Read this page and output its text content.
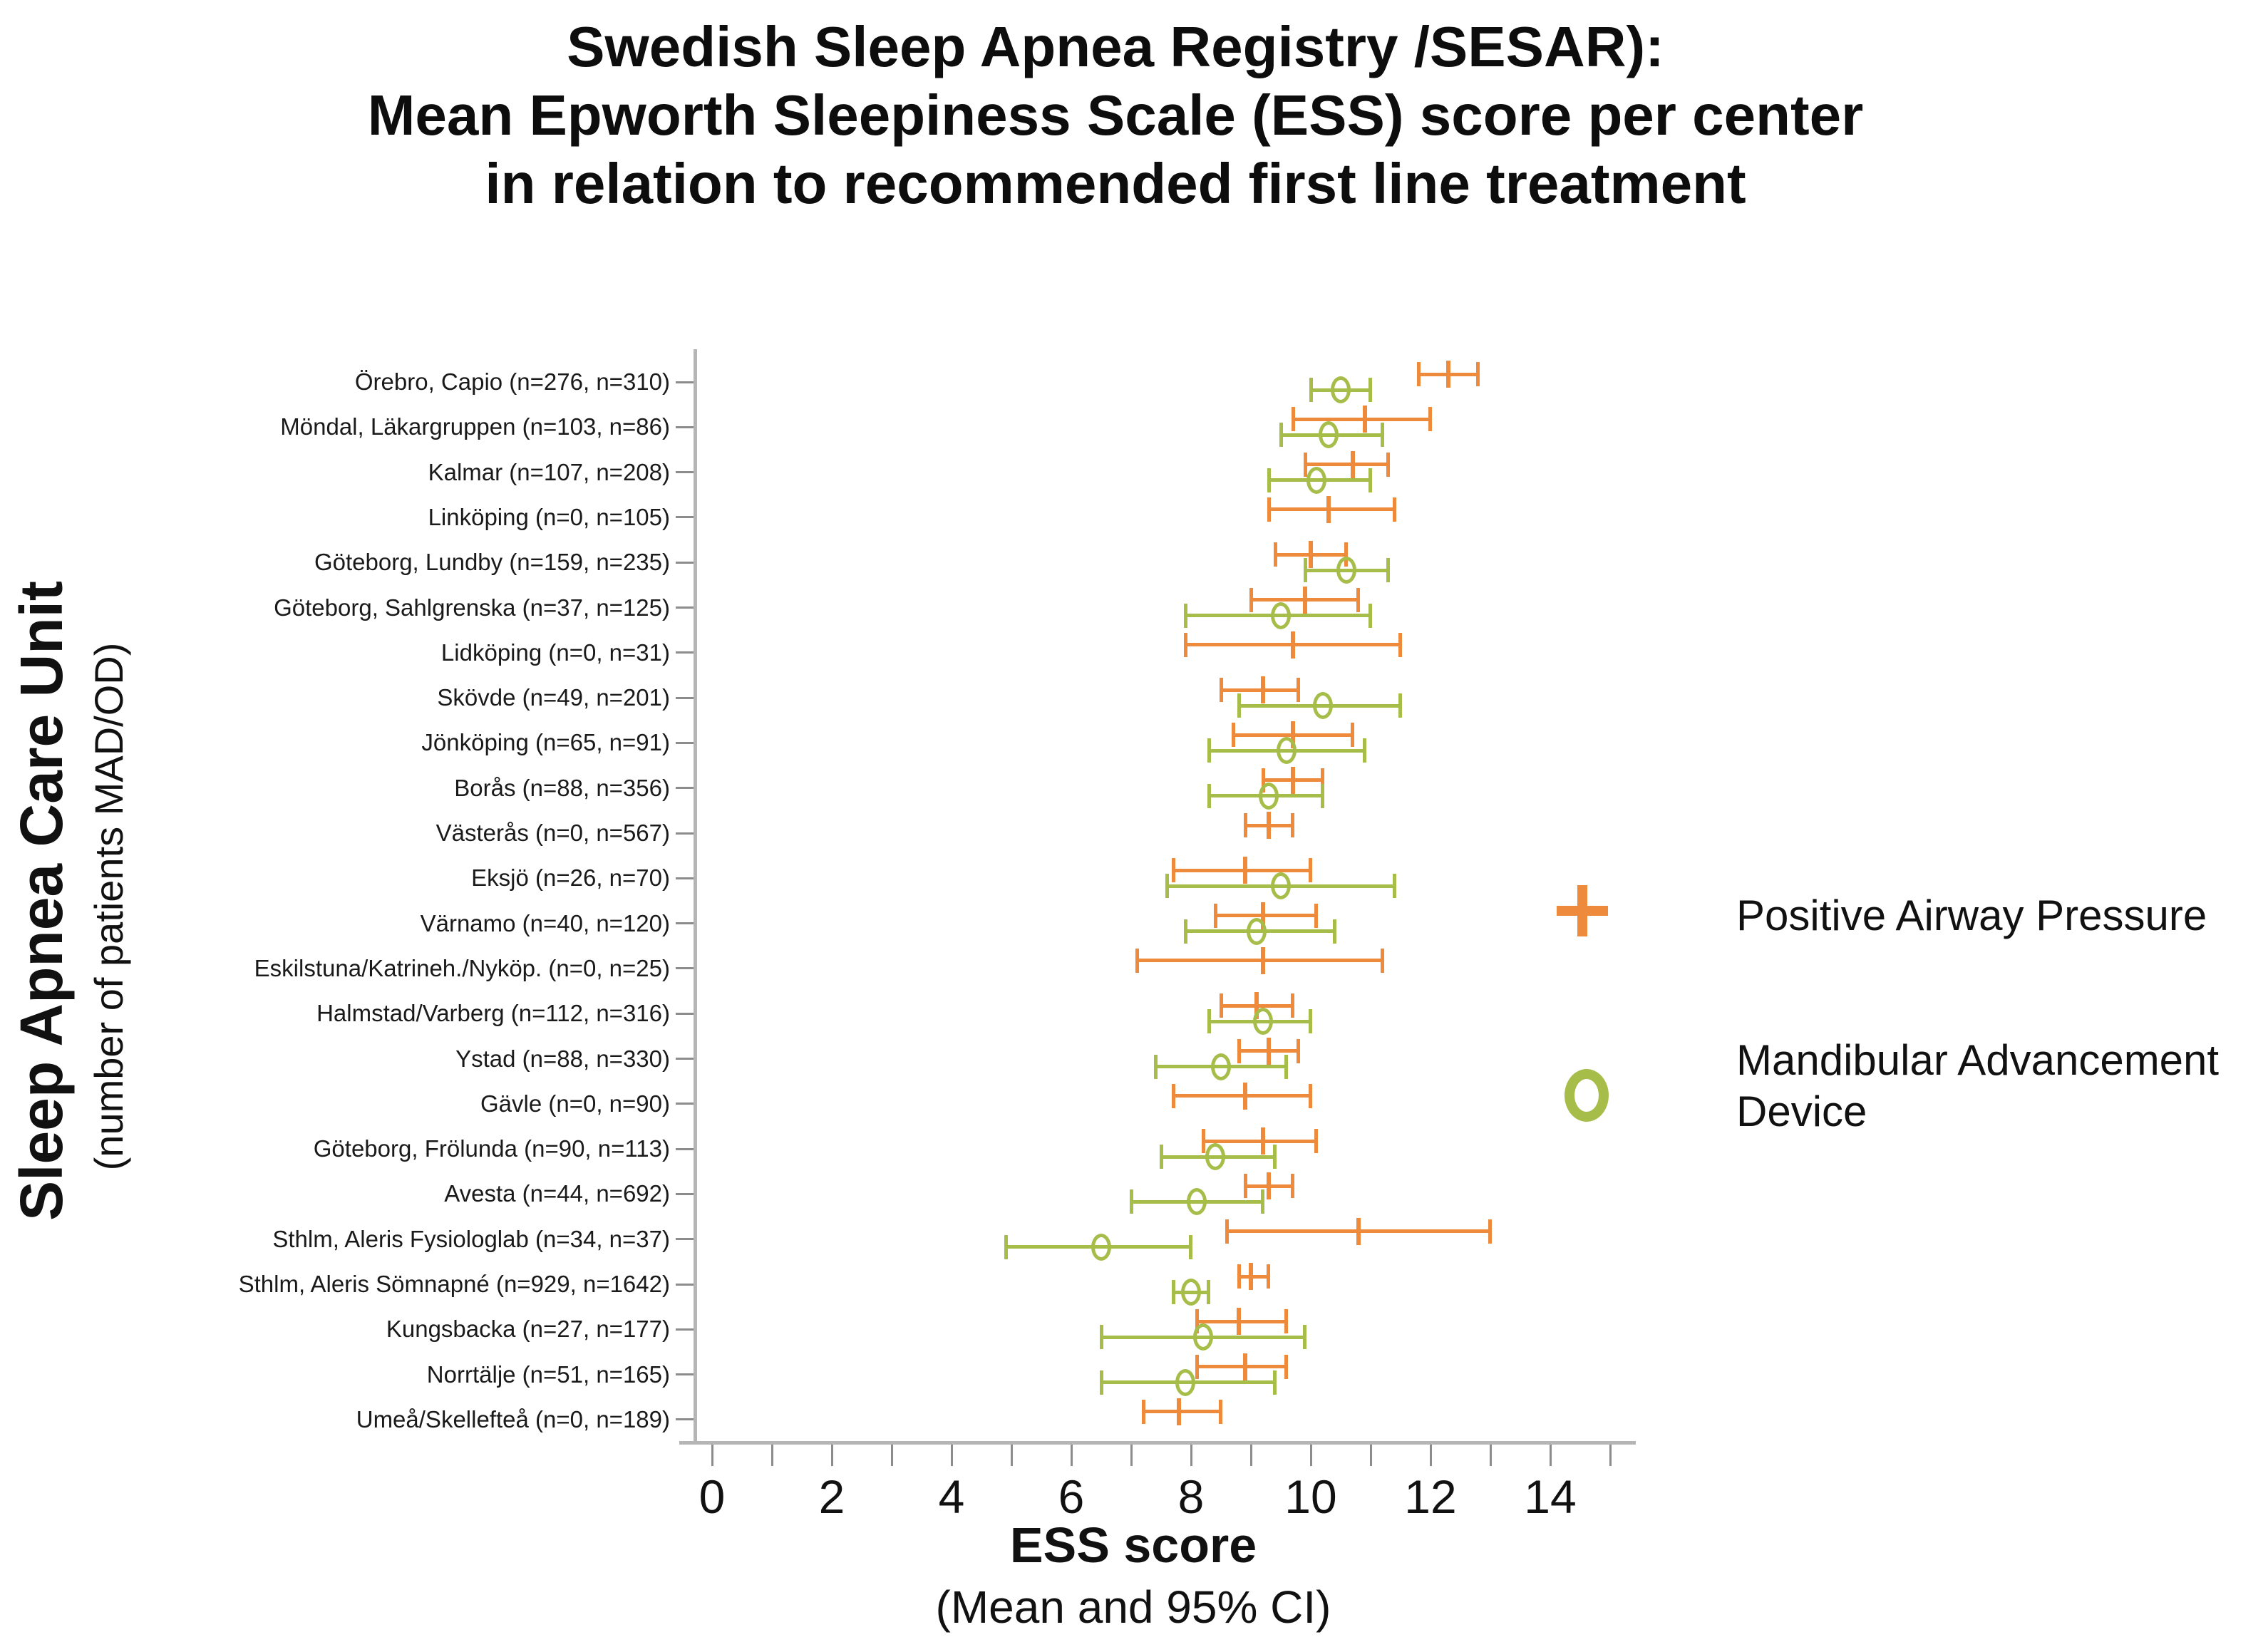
Swedish Sleep Apnea Registry /SESAR):
Mean Epworth Sleepiness Scale (ESS) score per center
in relation to recommended first line treatment
Sleep Apnea Care Unit (number of patients MAD/OD)
Örebro, Capio (n=276, n=310)
Möndal, Läkargruppen (n=103, n=86)
Kalmar (n=107, n=208)
Linköping (n=0, n=105)
Göteborg, Lundby (n=159, n=235)
Göteborg, Sahlgrenska (n=37, n=125)
Lidköping (n=0, n=31)
Skövde (n=49, n=201)
Jönköping (n=65, n=91)
Borås (n=88, n=356)
Västerås (n=0, n=567)
Eksjö (n=26, n=70)
Värnamo (n=40, n=120)
Eskilstuna/Katrineh./Nyköp. (n=0, n=25)
Halmstad/Varberg (n=112, n=316)
Ystad (n=88, n=330)
Gävle (n=0, n=90)
Göteborg, Frölunda (n=90, n=113)
Avesta (n=44, n=692)
Sthlm, Aleris Fysiologlab (n=34, n=37)
Sthlm, Aleris Sömnapné (n=929, n=1642)
Kungsbacka (n=27, n=177)
Norrtälje (n=51, n=165)
Umeå/Skellefteå (n=0, n=189)
0	2	4	6	8	10	12	14
ESS score
(Mean and 95% CI)
Positive Airway Pressure
Mandibular Advancement
Device
